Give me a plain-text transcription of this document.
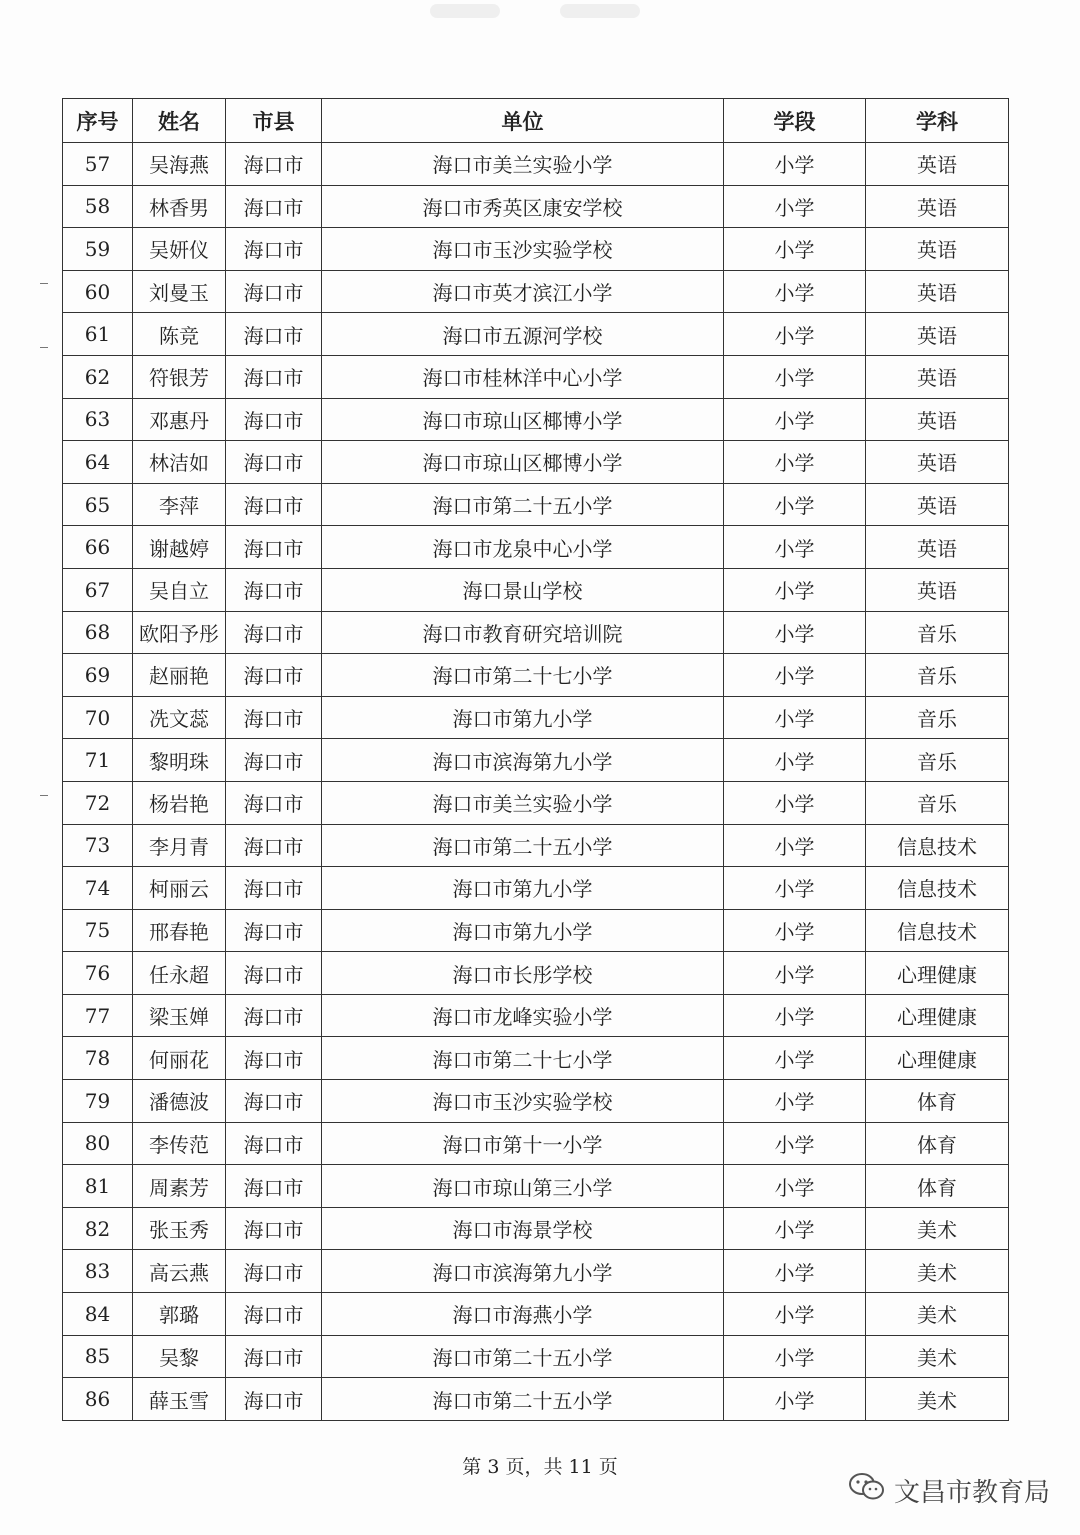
序号	姓名	市县	单位	学段	学科
57	吴海燕	海口市	海口市美兰实验小学	小学	英语
58	林香男	海口市	海口市秀英区康安学校	小学	英语
59	吴妍仪	海口市	海口市玉沙实验学校	小学	英语
60	刘曼玉	海口市	海口市英才滨江小学	小学	英语
61	陈竞	海口市	海口市五源河学校	小学	英语
62	符银芳	海口市	海口市桂林洋中心小学	小学	英语
63	邓惠丹	海口市	海口市琼山区椰博小学	小学	英语
64	林洁如	海口市	海口市琼山区椰博小学	小学	英语
65	李萍	海口市	海口市第二十五小学	小学	英语
66	谢越婷	海口市	海口市龙泉中心小学	小学	英语
67	吴自立	海口市	海口景山学校	小学	英语
68	欧阳予彤	海口市	海口市教育研究培训院	小学	音乐
69	赵丽艳	海口市	海口市第二十七小学	小学	音乐
70	冼文蕊	海口市	海口市第九小学	小学	音乐
71	黎明珠	海口市	海口市滨海第九小学	小学	音乐
72	杨岩艳	海口市	海口市美兰实验小学	小学	音乐
73	李月青	海口市	海口市第二十五小学	小学	信息技术
74	柯丽云	海口市	海口市第九小学	小学	信息技术
75	邢春艳	海口市	海口市第九小学	小学	信息技术
76	任永超	海口市	海口市长彤学校	小学	心理健康
77	梁玉婵	海口市	海口市龙峰实验小学	小学	心理健康
78	何丽花	海口市	海口市第二十七小学	小学	心理健康
79	潘德波	海口市	海口市玉沙实验学校	小学	体育
80	李传范	海口市	海口市第十一小学	小学	体育
81	周素芳	海口市	海口市琼山第三小学	小学	体育
82	张玉秀	海口市	海口市海景学校	小学	美术
83	高云燕	海口市	海口市滨海第九小学	小学	美术
84	郭璐	海口市	海口市海燕小学	小学	美术
85	吴黎	海口市	海口市第二十五小学	小学	美术
86	薛玉雪	海口市	海口市第二十五小学	小学	美术
第 3 页，共 11 页
文昌市教育局
